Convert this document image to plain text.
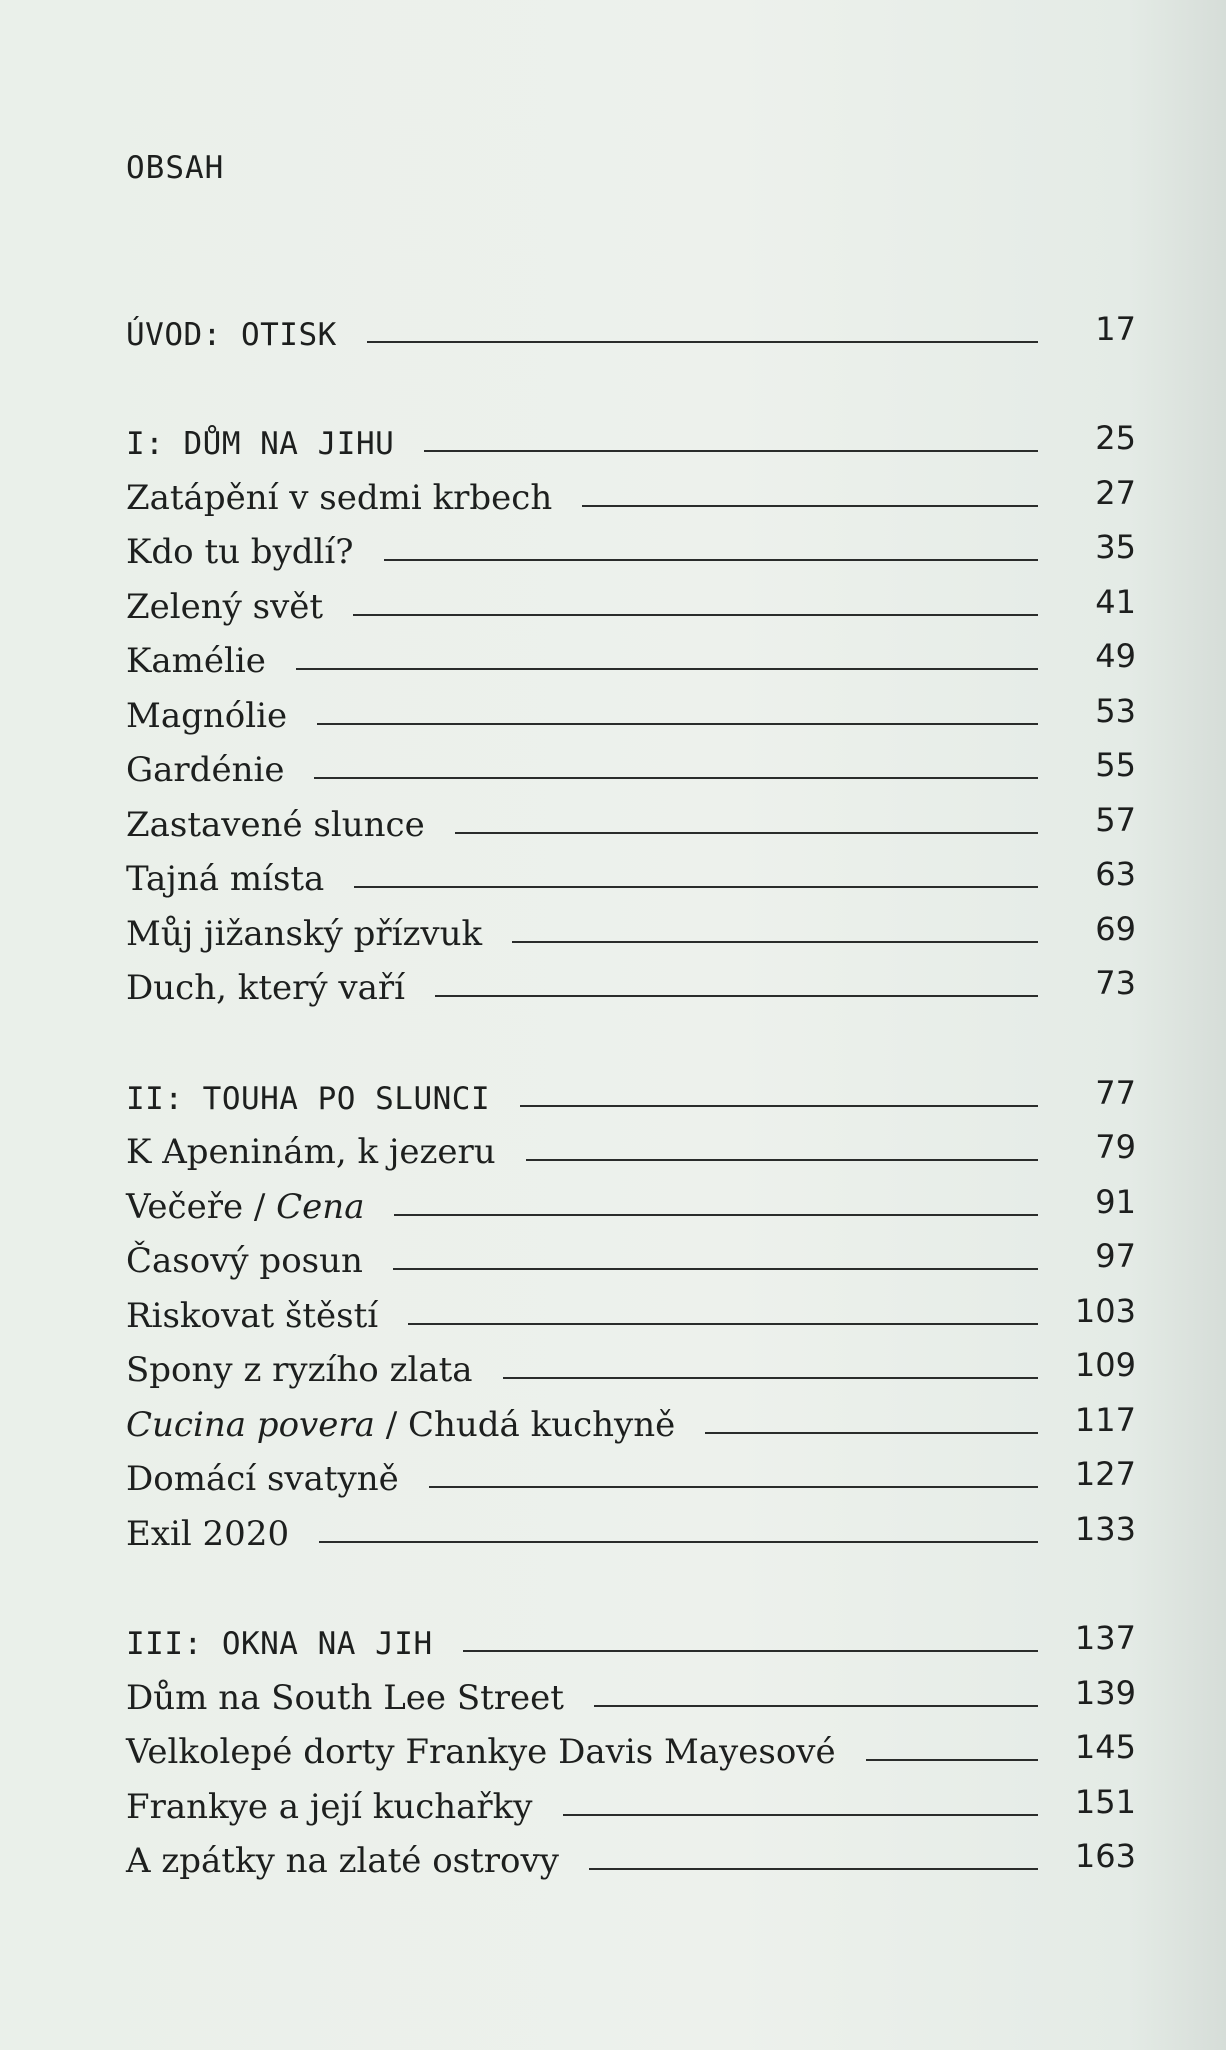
OBSAH
ÚVOD: OTISK	17
I: DŮM NA JIHU	25
Zatápění v sedmi krbech	27
Kdo tu bydlí?	35
Zelený svět	41
Kamélie	49
Magnólie	53
Gardénie	55
Zastavené slunce	57
Tajná místa	63
Můj jižanský přízvuk	69
Duch, který vaří	73
II: TOUHA PO SLUNCI	77
K Apeninám, k jezeru	79
Večeře / Cena	91
Časový posun	97
Riskovat štěstí	103
Spony z ryzího zlata	109
Cucina povera / Chudá kuchyně	117
Domácí svatyně	127
Exil 2020	133
III: OKNA NA JIH	137
Dům na South Lee Street	139
Velkolepé dorty Frankye Davis Mayesové	145
Frankye a její kuchařky	151
A zpátky na zlaté ostrovy	163
